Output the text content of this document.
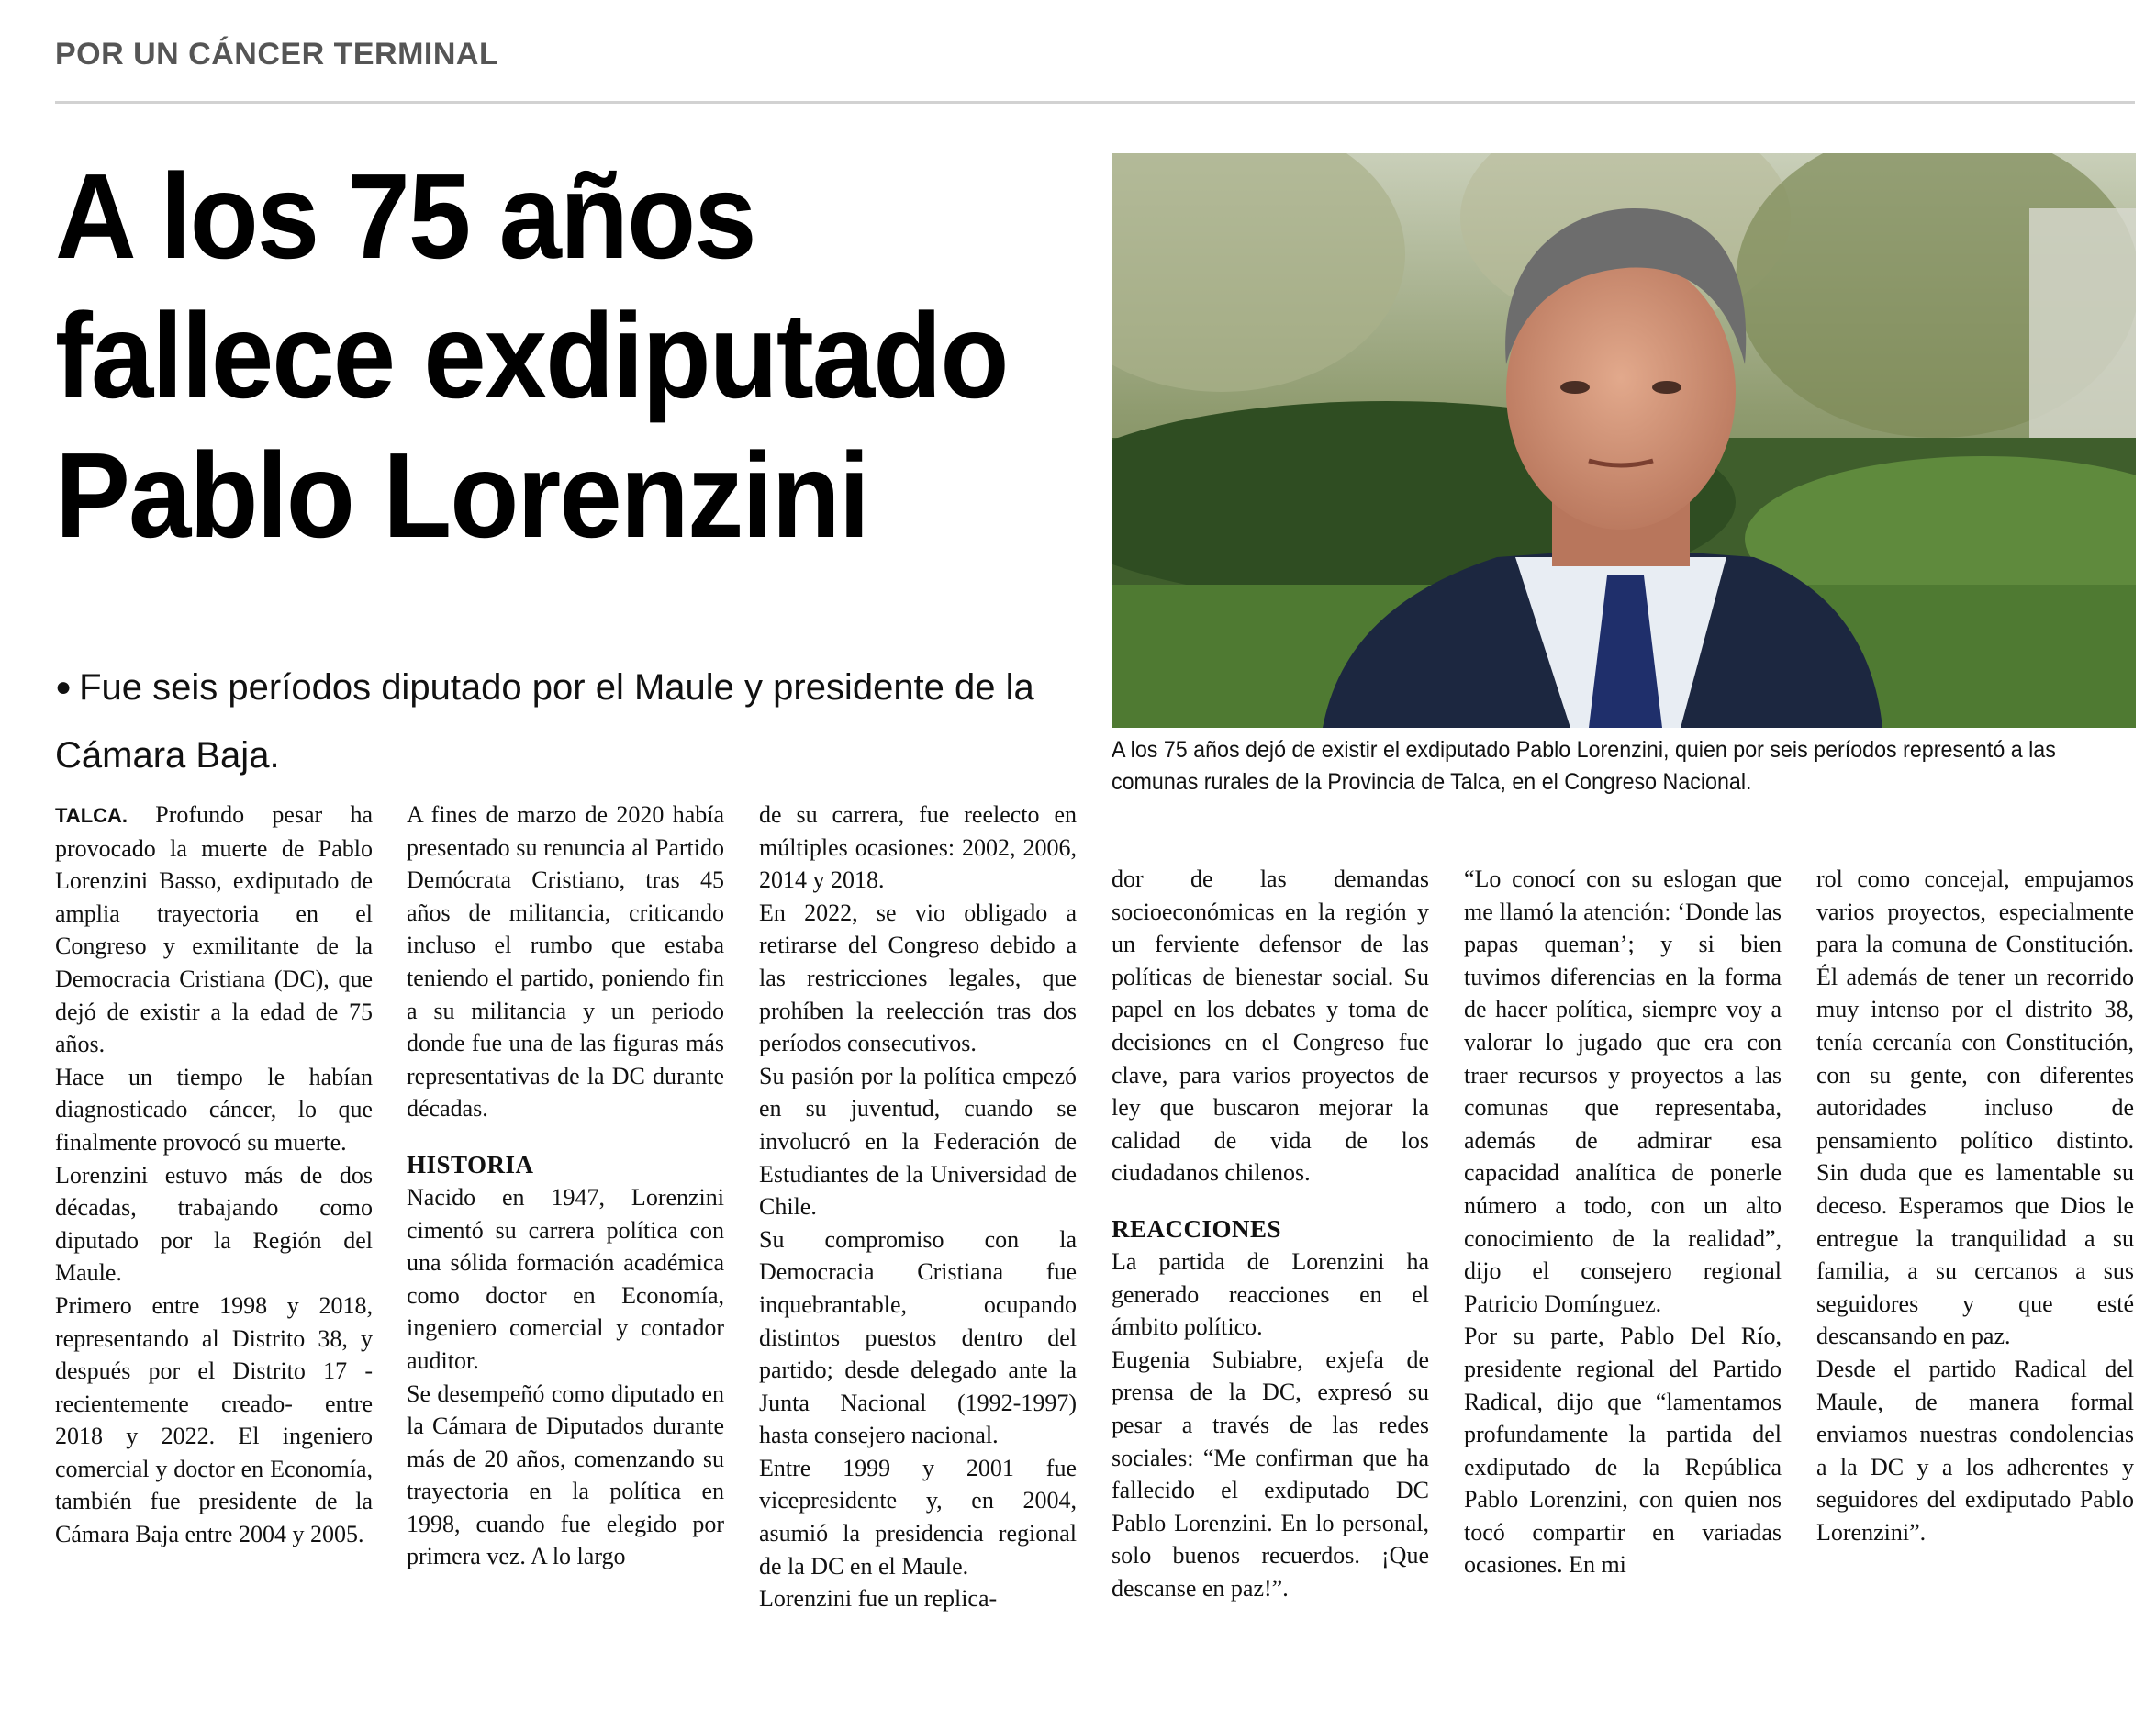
POR UN CÁNCER TERMINAL
A los 75 años
fallece exdiputado
Pablo Lorenzini

● Fue seis períodos diputado por el Maule y presidente de la Cámara Baja.	A los 75 años dejó de existir el exdiputado Pablo Lorenzini, quien por seis períodos representó a las comunas rurales de la Provincia de Talca, en el Congreso Nacional.

TALCA. Profundo pesar ha provocado la muerte de Pablo Lorenzini Basso, exdiputado de amplia trayectoria en el Congreso y exmilitante de la Democracia Cristiana (DC), que dejó de existir a la edad de 75 años.

Hace un tiempo le habían diagnosticado cáncer, lo que finalmente provocó su muerte.

Lorenzini estuvo más de dos décadas, trabajando como diputado por la Región del Maule.

Primero entre 1998 y 2018, representando al Distrito 38, y después por el Distrito 17 -recientemente creado- entre 2018 y 2022. El ingeniero comercial y doctor en Economía, también fue presidente de la Cámara Baja entre 2004 y 2005.

A fines de marzo de 2020 había presentado su renuncia al Partido Demócrata Cristiano, tras 45 años de militancia, criticando incluso el rumbo que estaba teniendo el partido, poniendo fin a su militancia y un periodo donde fue una de las figuras más representativas de la DC durante décadas.

HISTORIA

Nacido en 1947, Lorenzini cimentó su carrera política con una sólida formación académica como doctor en Economía, ingeniero comercial y contador auditor.

Se desempeñó como diputado en la Cámara de Diputados durante más de 20 años, comenzando su trayectoria en la política en 1998, cuando fue elegido por primera vez. A lo largo

de su carrera, fue reelecto en múltiples ocasiones: 2002, 2006, 2014 y 2018.

En 2022, se vio obligado a retirarse del Congreso debido a las restricciones legales, que prohíben la reelección tras dos períodos consecutivos.

Su pasión por la política empezó en su juventud, cuando se involucró en la Federación de Estudiantes de la Universidad de Chile.

Su compromiso con la Democracia Cristiana fue inquebrantable, ocupando distintos puestos dentro del partido; desde delegado ante la Junta Nacional (1992-1997) hasta consejero nacional.

Entre 1999 y 2001 fue vicepresidente y, en 2004, asumió la presidencia regional de la DC en el Maule.

Lorenzini fue un replica-

dor de las demandas socioeconómicas en la región y un ferviente defensor de las políticas de bienestar social. Su papel en los debates y toma de decisiones en el Congreso fue clave, para varios proyectos de ley que buscaron mejorar la calidad de vida de los ciudadanos chilenos.

REACCIONES

La partida de Lorenzini ha generado reacciones en el ámbito político.

Eugenia Subiabre, exjefa de prensa de la DC, expresó su pesar a través de las redes sociales: “Me confirman que ha fallecido el exdiputado DC Pablo Lorenzini. En lo personal, solo buenos recuerdos. ¡Que descanse en paz!”.

“Lo conocí con su eslogan que me llamó la atención: ‘Donde las papas queman’; y si bien tuvimos diferencias en la forma de hacer política, siempre voy a valorar lo jugado que era con traer recursos y proyectos a las comunas que representaba, además de admirar esa capacidad analítica de ponerle número a todo, con un alto conocimiento de la realidad”, dijo el consejero regional Patricio Domínguez.

Por su parte, Pablo Del Río, presidente regional del Partido Radical, dijo que “lamentamos profundamente la partida del exdiputado de la República Pablo Lorenzini, con quien nos tocó compartir en variadas ocasiones. En mi

rol como concejal, empujamos varios proyectos, especialmente para la comuna de Constitución. Él además de tener un recorrido muy intenso por el distrito 38, tenía cercanía con Constitución, con su gente, con diferentes autoridades incluso de pensamiento político distinto. Sin duda que es lamentable su deceso. Esperamos que Dios le entregue la tranquilidad a su familia, a su cercanos a sus seguidores y que esté descansando en paz.

Desde el partido Radical del Maule, de manera formal enviamos nuestras condolencias a la DC y a los adherentes y seguidores del exdiputado Pablo Lorenzini”.
